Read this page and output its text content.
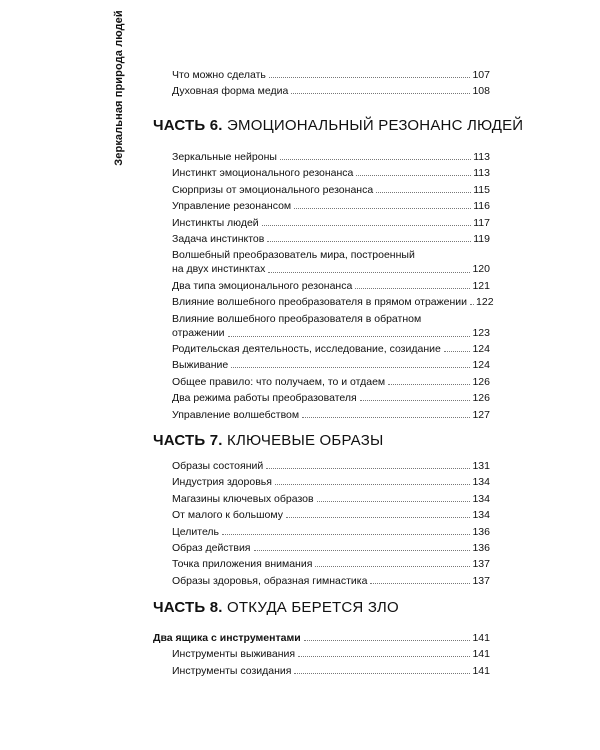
Зеркальная природа людей	Что можно сделать	107
Духовная форма медиа	108
ЧАСТЬ 6. ЭМОЦИОНАЛЬНЫЙ РЕЗОНАНС ЛЮДЕЙ
Зеркальные нейроны	113
Инстинкт эмоционального резонанса	113
Сюрпризы от эмоционального резонанса	115
Управление резонансом	116
Инстинкты людей	117
Задача инстинктов	119
Волшебный преобразователь мира, построенный
на двух инстинктах	120
Два типа эмоционального резонанса	121
Влияние волшебного преобразователя в прямом отражении 122
Влияние волшебного преобразователя в обратном
отражении	123
Родительская деятельность, исследование, созидание	124
Выживание	124
Общее правило: что получаем, то и отдаем	126
Два режима работы преобразователя	126
Управление волшебством	127
ЧАСТЬ 7. КЛЮЧЕВЫЕ ОБРАЗЫ
Образы состояний	131
Индустрия здоровья	134
Магазины ключевых образов	134
От малого к большому	134
Целитель	136
Образ действия	136
Точка приложения внимания	137
Образы здоровья, образная гимнастика	137
ЧАСТЬ 8. ОТКУДА БЕРЕТСЯ ЗЛО
Два ящика с инструментами	141
Инструменты выживания	141
Инструменты созидания	141
